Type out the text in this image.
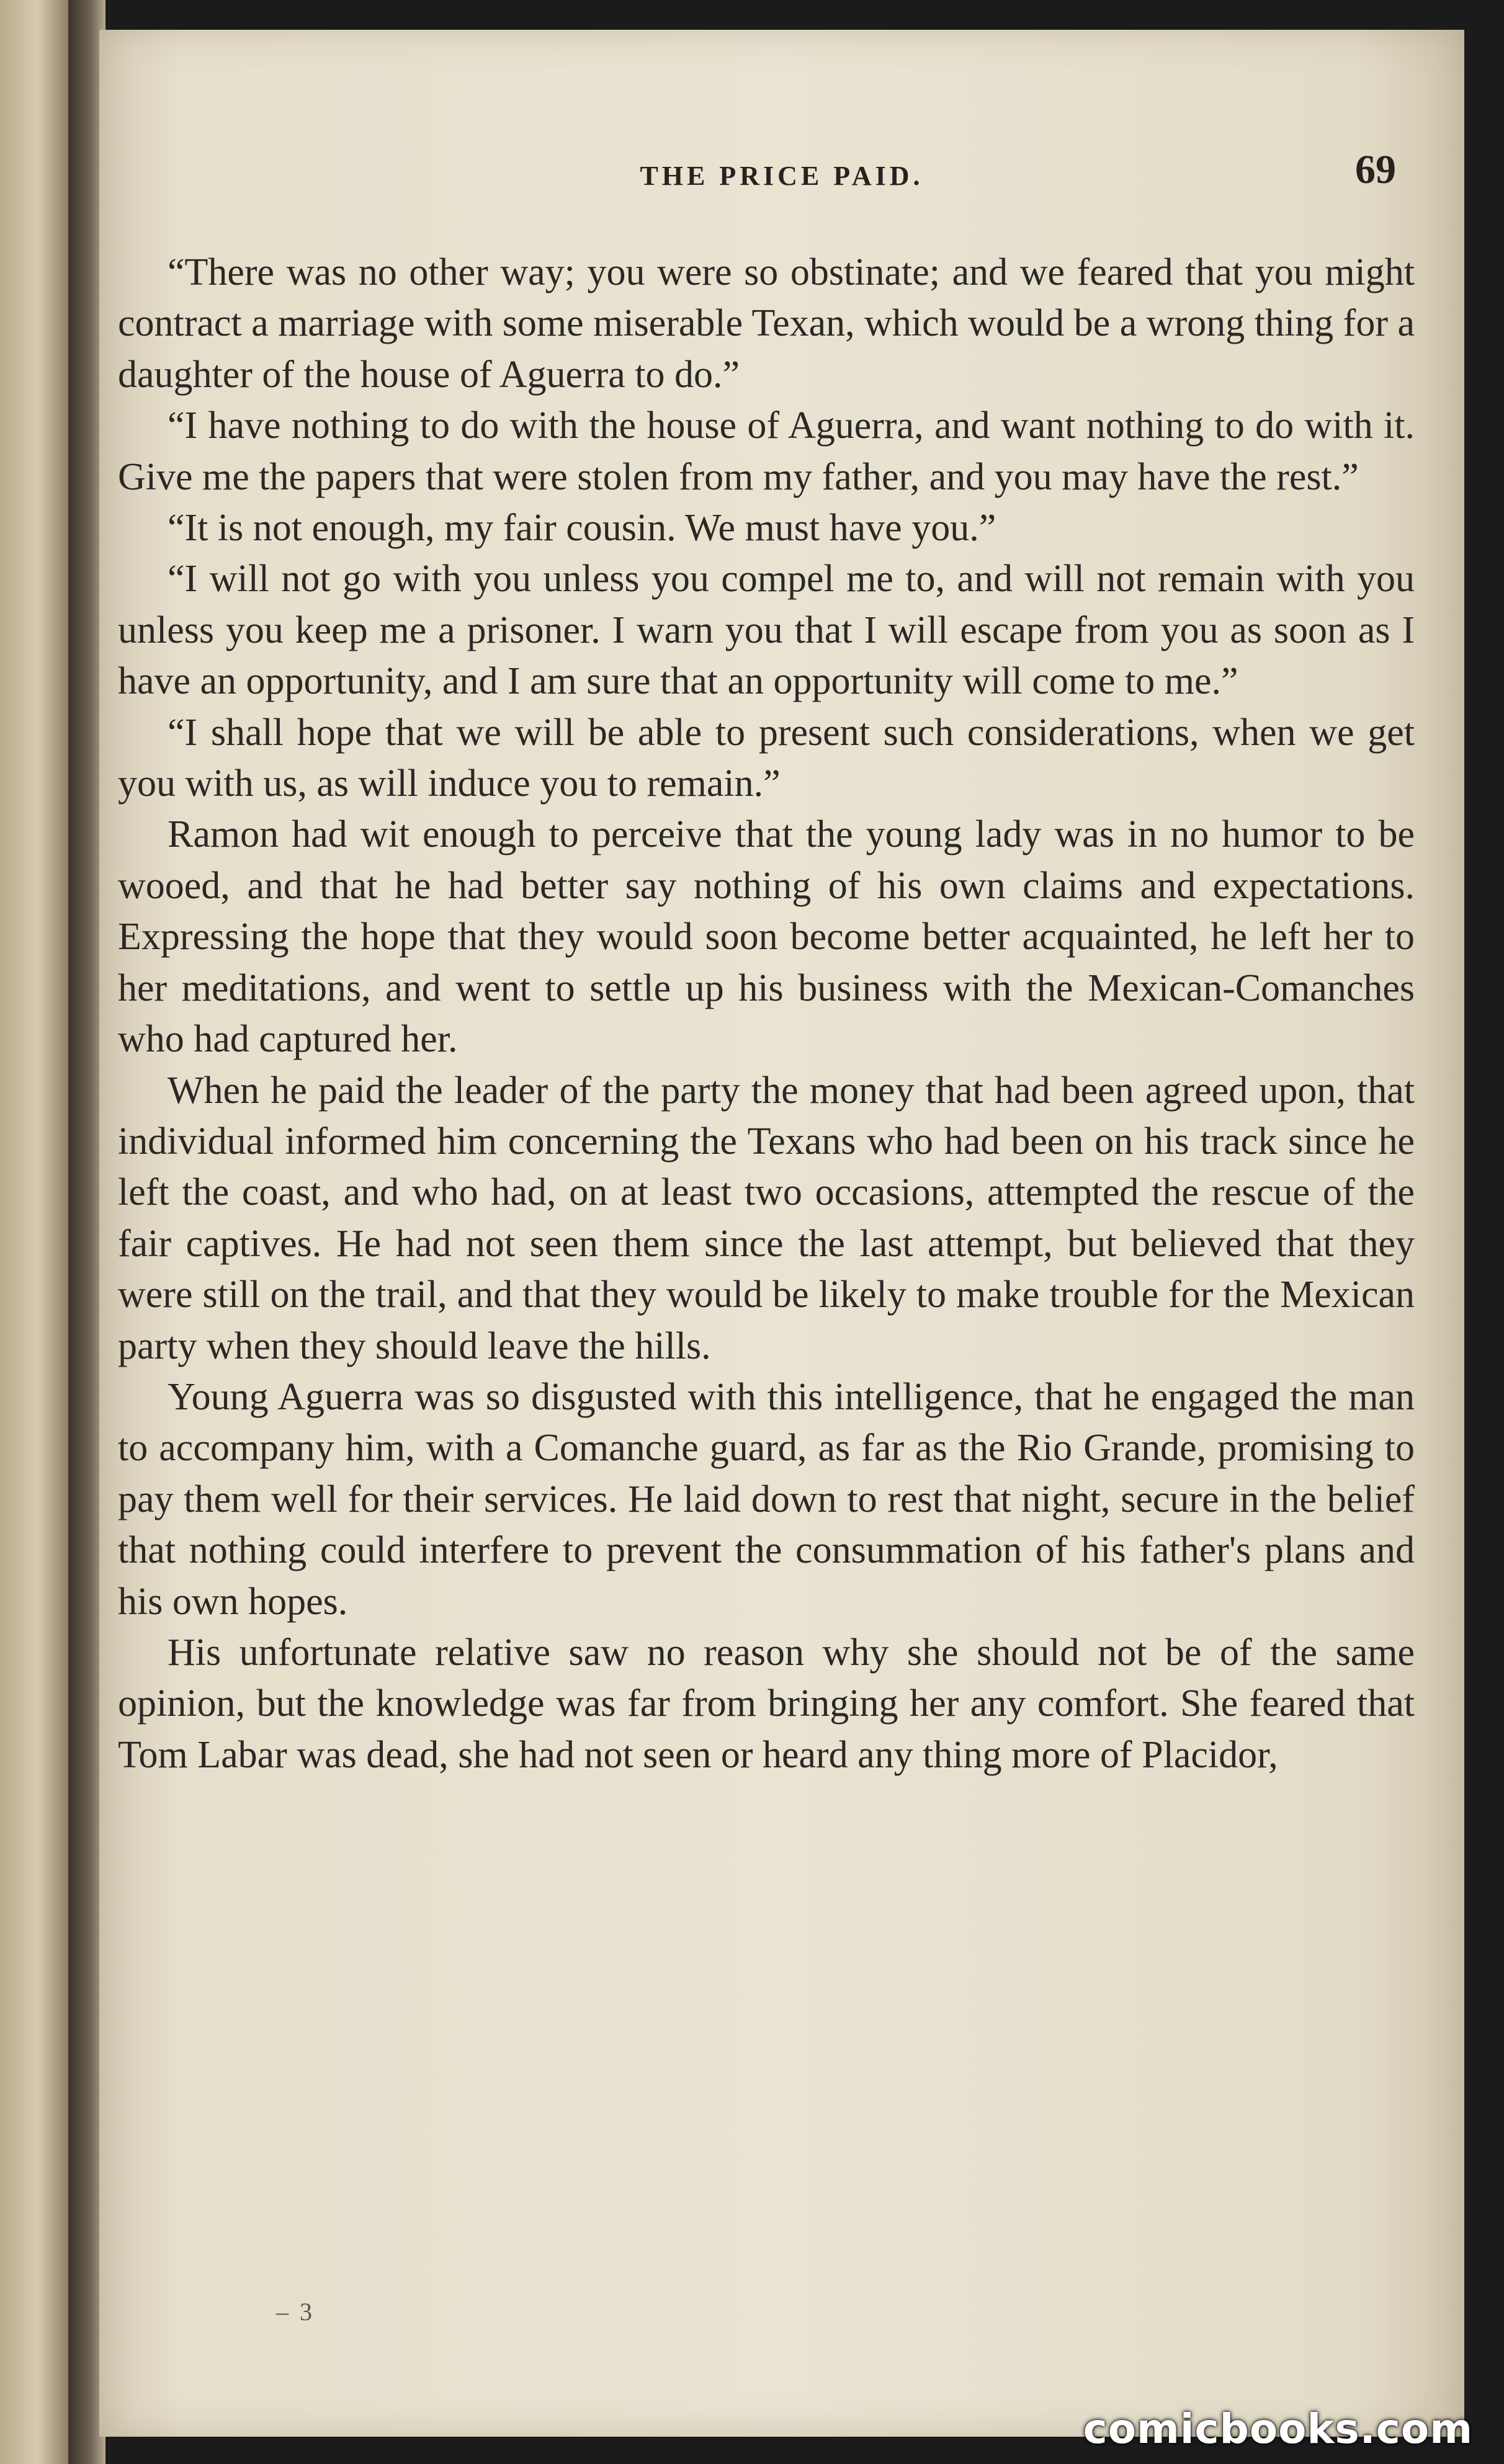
THE PRICE PAID.	69

“There was no other way; you were so obstinate; and we feared that you might contract a marriage with some miserable Texan, which would be a wrong thing for a daughter of the house of Aguerra to do.”

“I have nothing to do with the house of Aguerra, and want nothing to do with it. Give me the papers that were stolen from my father, and you may have the rest.”

“It is not enough, my fair cousin. We must have you.”

“I will not go with you unless you compel me to, and will not remain with you unless you keep me a prisoner. I warn you that I will escape from you as soon as I have an opportunity, and I am sure that an opportunity will come to me.”

“I shall hope that we will be able to present such considerations, when we get you with us, as will induce you to remain.”

Ramon had wit enough to perceive that the young lady was in no humor to be wooed, and that he had better say nothing of his own claims and expectations. Expressing the hope that they would soon become better acquainted, he left her to her meditations, and went to settle up his business with the Mexican-Comanches who had captured her.

When he paid the leader of the party the money that had been agreed upon, that individual informed him concerning the Texans who had been on his track since he left the coast, and who had, on at least two occasions, attempted the rescue of the fair captives. He had not seen them since the last attempt, but believed that they were still on the trail, and that they would be likely to make trouble for the Mexican party when they should leave the hills.

Young Aguerra was so disgusted with this intelligence, that he engaged the man to accompany him, with a Comanche guard, as far as the Rio Grande, promising to pay them well for their services. He laid down to rest that night, secure in the belief that nothing could interfere to prevent the consummation of his father's plans and his own hopes.

His unfortunate relative saw no reason why she should not be of the same opinion, but the knowledge was far from bringing her any comfort. She feared that Tom Labar was dead, she had not seen or heard any thing more of Placidor,

– 3
comicbooks.com
